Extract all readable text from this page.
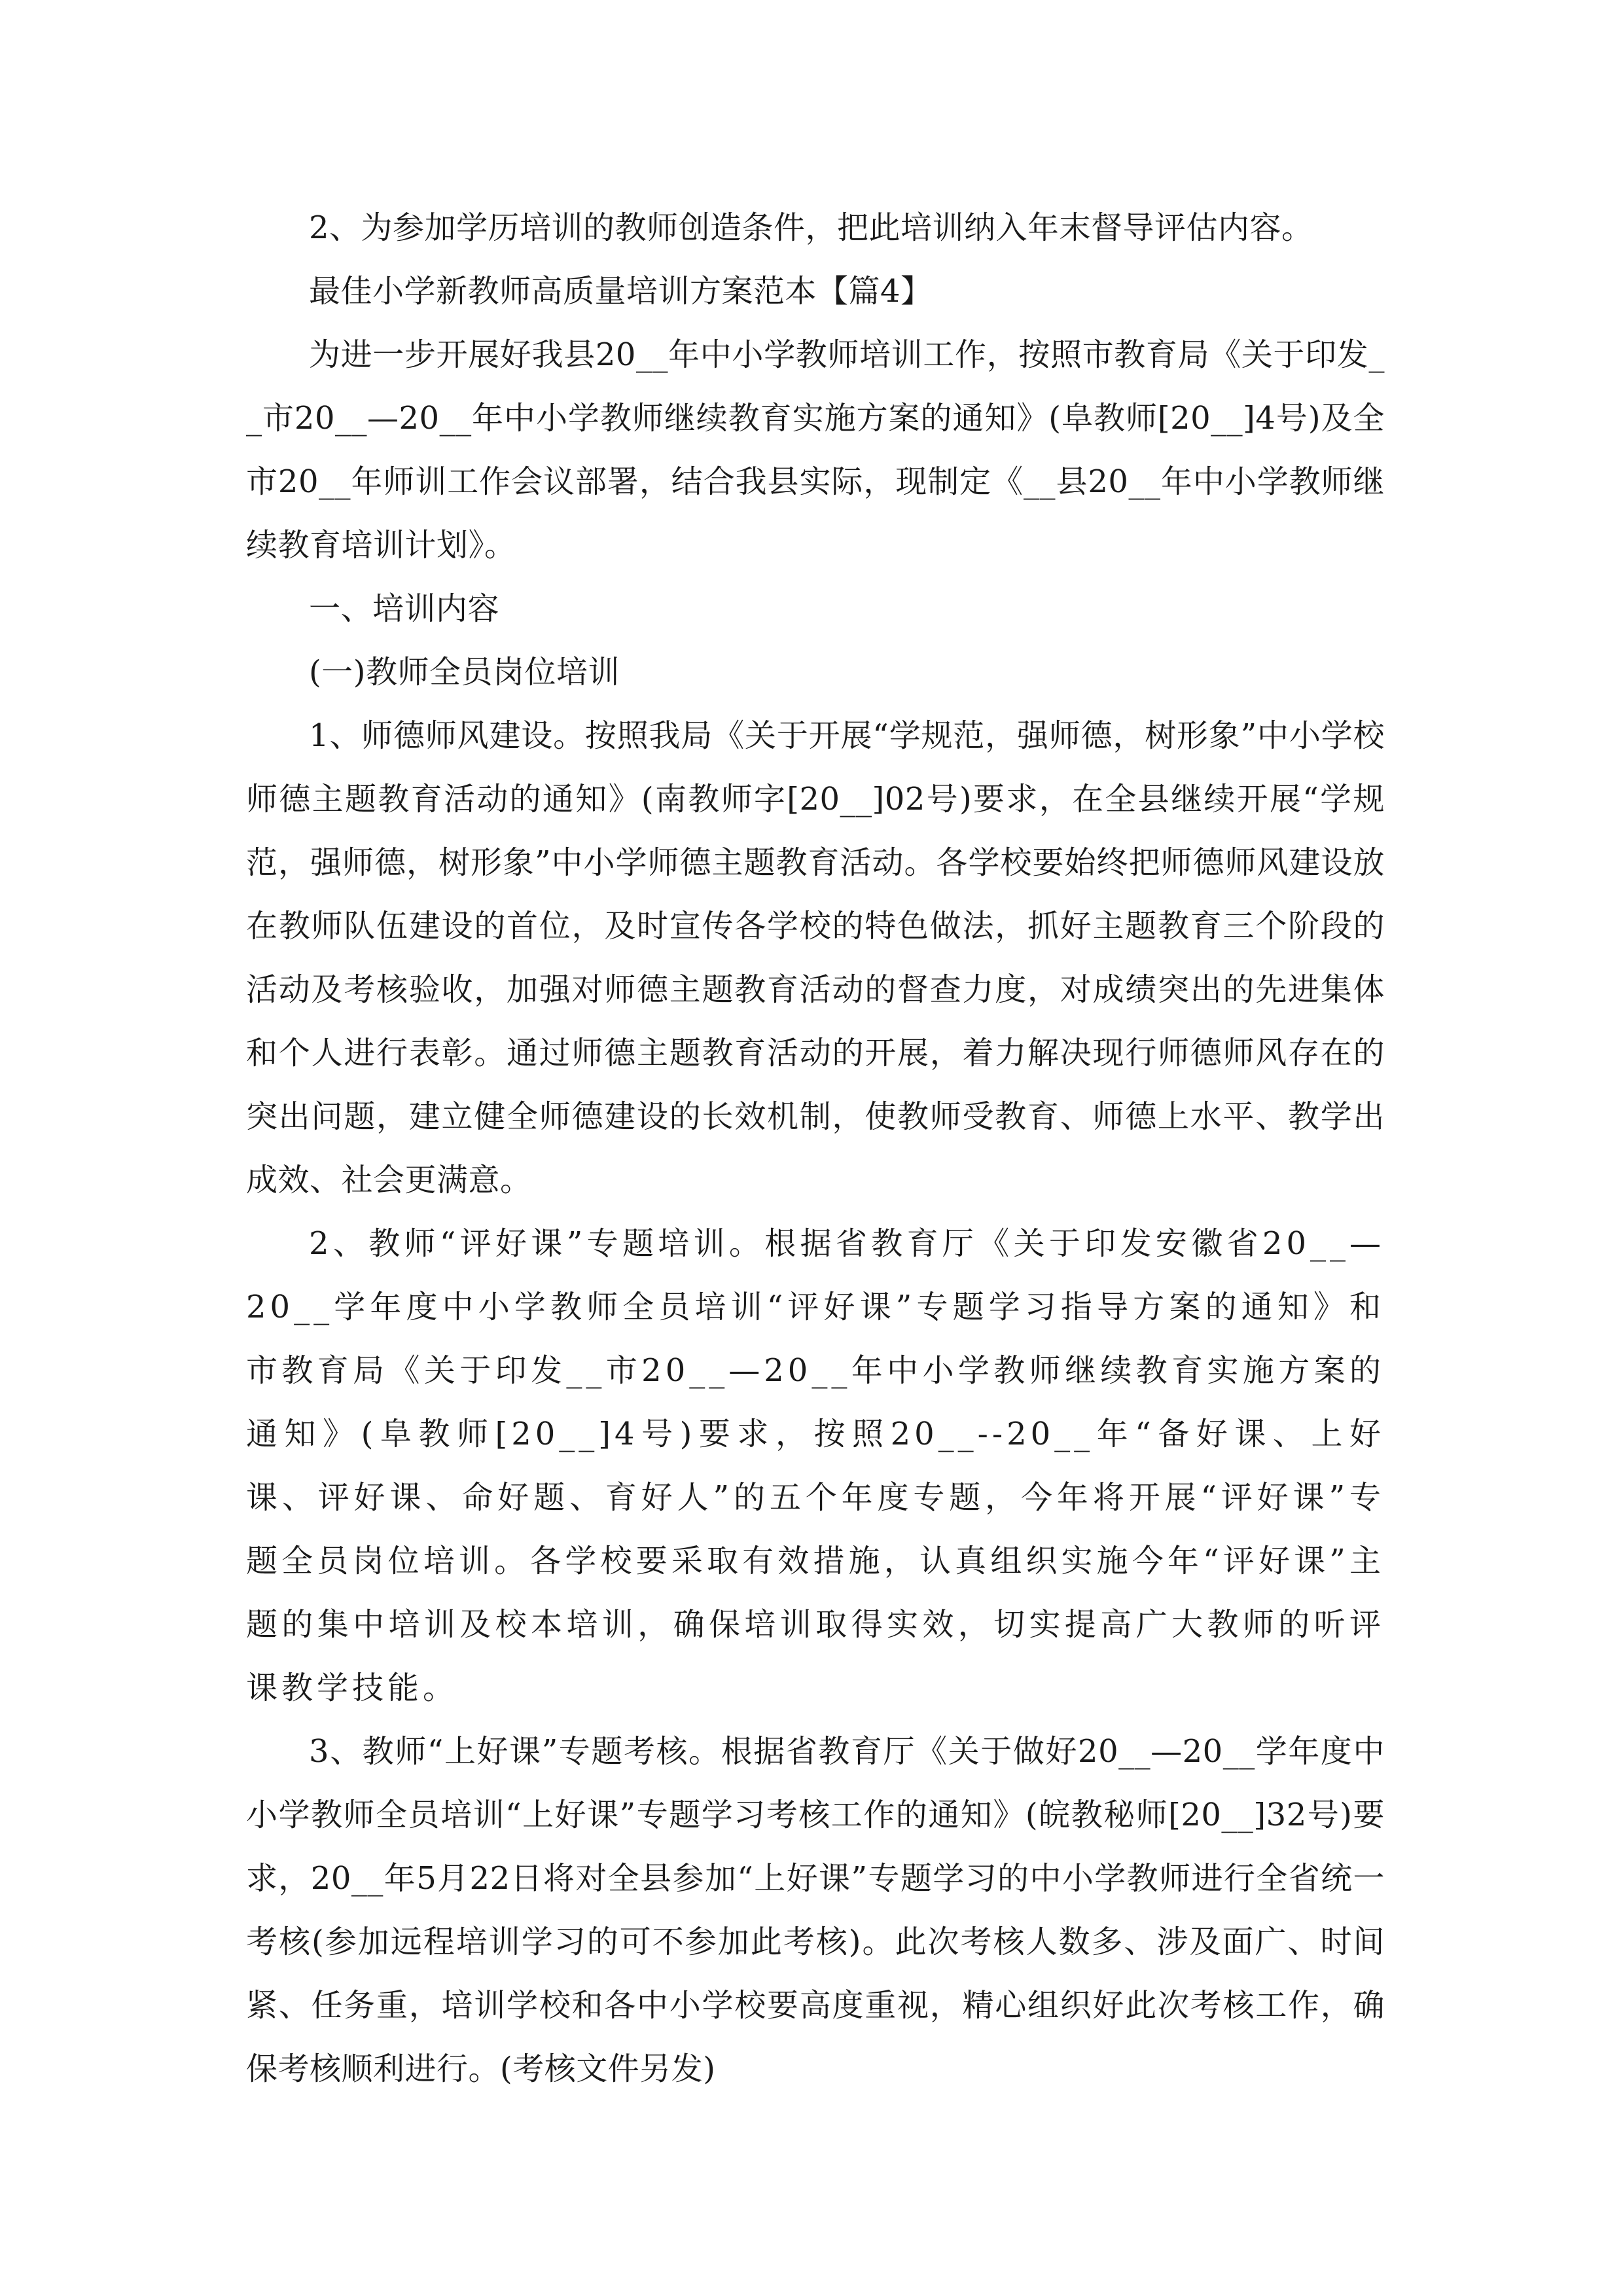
2、为参加学历培训的教师创造条件，把此培训纳入年末督导评估内容。

最佳小学新教师高质量培训方案范本【篇4】

为进一步开展好我县20__年中小学教师培训工作，按照市教育局《关于印发__市20__—20__年中小学教师继续教育实施方案的通知》(阜教师[20__]4号)及全市20__年师训工作会议部署，结合我县实际，现制定《__县20__年中小学教师继续教育培训计划》。

一、培训内容

(一)教师全员岗位培训

1、师德师风建设。按照我局《关于开展“学规范，强师德，树形象”中小学校师德主题教育活动的通知》(南教师字[20__]02号)要求，在全县继续开展“学规范，强师德，树形象”中小学师德主题教育活动。各学校要始终把师德师风建设放在教师队伍建设的首位，及时宣传各学校的特色做法，抓好主题教育三个阶段的活动及考核验收，加强对师德主题教育活动的督查力度，对成绩突出的先进集体和个人进行表彰。通过师德主题教育活动的开展，着力解决现行师德师风存在的突出问题，建立健全师德建设的长效机制，使教师受教育、师德上水平、教学出成效、社会更满意。

2、教师“评好课”专题培训。根据省教育厅《关于印发安徽省20__—20__学年度中小学教师全员培训“评好课”专题学习指导方案的通知》和市教育局《关于印发__市20__—20__年中小学教师继续教育实施方案的通知》(阜教师[20__]4号)要求，按照20__--20__年“备好课、上好课、评好课、命好题、育好人”的五个年度专题，今年将开展“评好课”专题全员岗位培训。各学校要采取有效措施，认真组织实施今年“评好课”主题的集中培训及校本培训，确保培训取得实效，切实提高广大教师的听评课教学技能。

3、教师“上好课”专题考核。根据省教育厅《关于做好20__—20__学年度中小学教师全员培训“上好课”专题学习考核工作的通知》(皖教秘师[20__]32号)要求，20__年5月22日将对全县参加“上好课”专题学习的中小学教师进行全省统一考核(参加远程培训学习的可不参加此考核)。此次考核人数多、涉及面广、时间紧、任务重，培训学校和各中小学校要高度重视，精心组织好此次考核工作，确保考核顺利进行。(考核文件另发)
